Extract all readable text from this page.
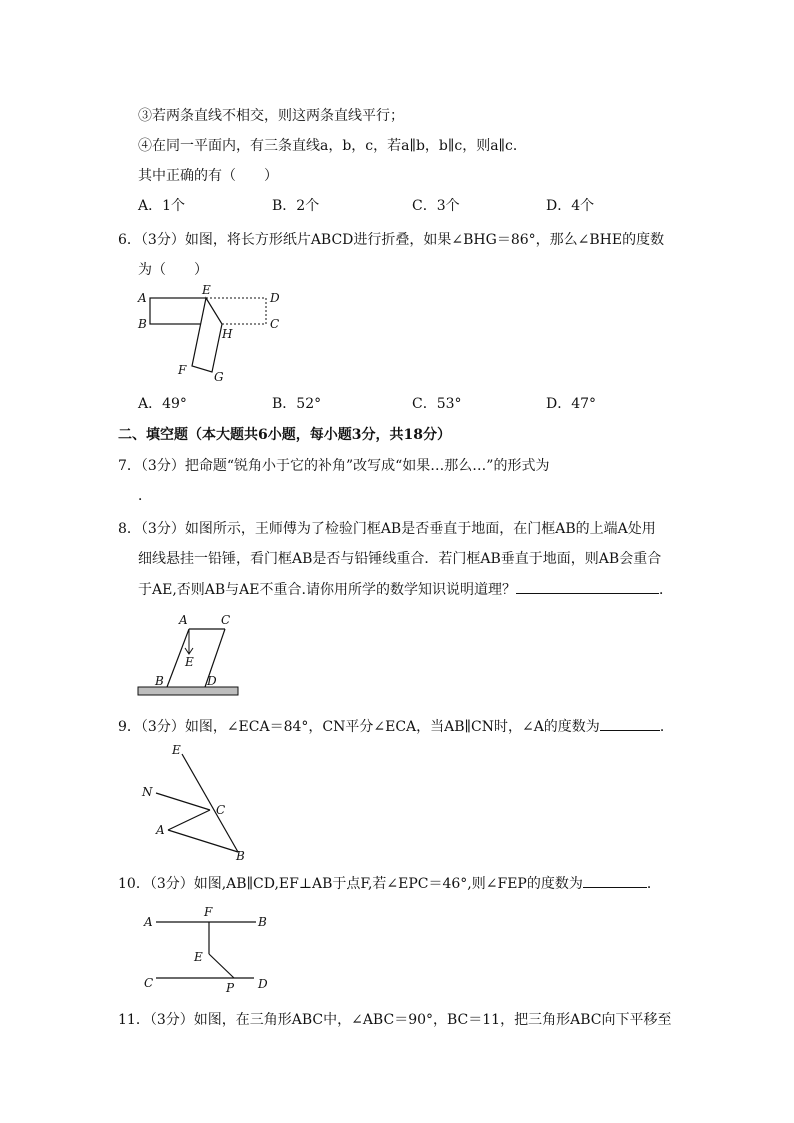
③若两条直线不相交，则这两条直线平行；
④在同一平面内，有三条直线a，b，c，若a∥b，b∥c，则a∥c．
其中正确的有（　　）
A．1个	B．2个	C．3个	D．4个
6．（3分）如图，将长方形纸片ABCD进行折叠，如果∠BHG＝86°，那么∠BHE的度数
为（　　）
A
B
E
D
C
H
F G
A．49°	B．52°	C．53°	D．47°
二、填空题（本大题共6小题，每小题3分，共18分）
7．（3分）把命题“锐角小于它的补角”改写成“如果…那么…”的形式为
．
8．（3分）如图所示，王师傅为了检验门框AB是否垂直于地面，在门框AB的上端A处用
细线悬挂一铅锤，看门框AB是否与铅锤线重合．若门框AB垂直于地面，则AB会重合
于AE,否则AB与AE不重合.请你用所学的数学知识说明道理？	．
A	C
E
B	D
9．（3分）如图，∠ECA＝84°，CN平分∠ECA，当AB∥CN时，∠A的度数为	．
E
N
C
A
B
10．（3分）如图,AB∥CD,EF⊥AB于点F,若∠EPC＝46°,则∠FEP的度数为	．
A
F
B
E
C	P D
11．（3分）如图，在三角形ABC中，∠ABC＝90°，BC＝11，把三角形ABC向下平移至
